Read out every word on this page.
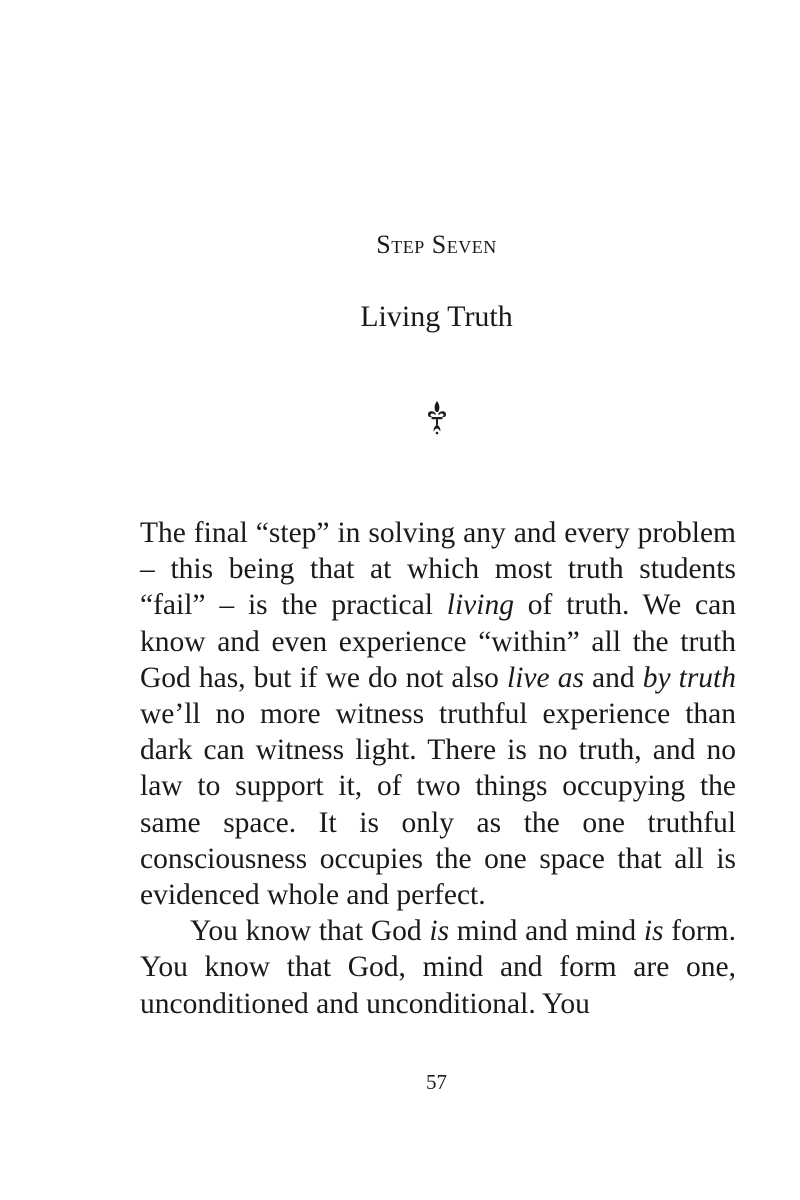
Step Seven
Living Truth

The final “step” in solving any and every problem – this being that at which most truth students “fail” – is the practical living of truth. We can know and even experience “within” all the truth God has, but if we do not also live as and by truth we’ll no more witness truthful experience than dark can witness light. There is no truth, and no law to support it, of two things occupying the same space. It is only as the one truthful consciousness occupies the one space that all is evidenced whole and perfect.

You know that God is mind and mind is form. You know that God, mind and form are one, unconditioned and unconditional. You

57
